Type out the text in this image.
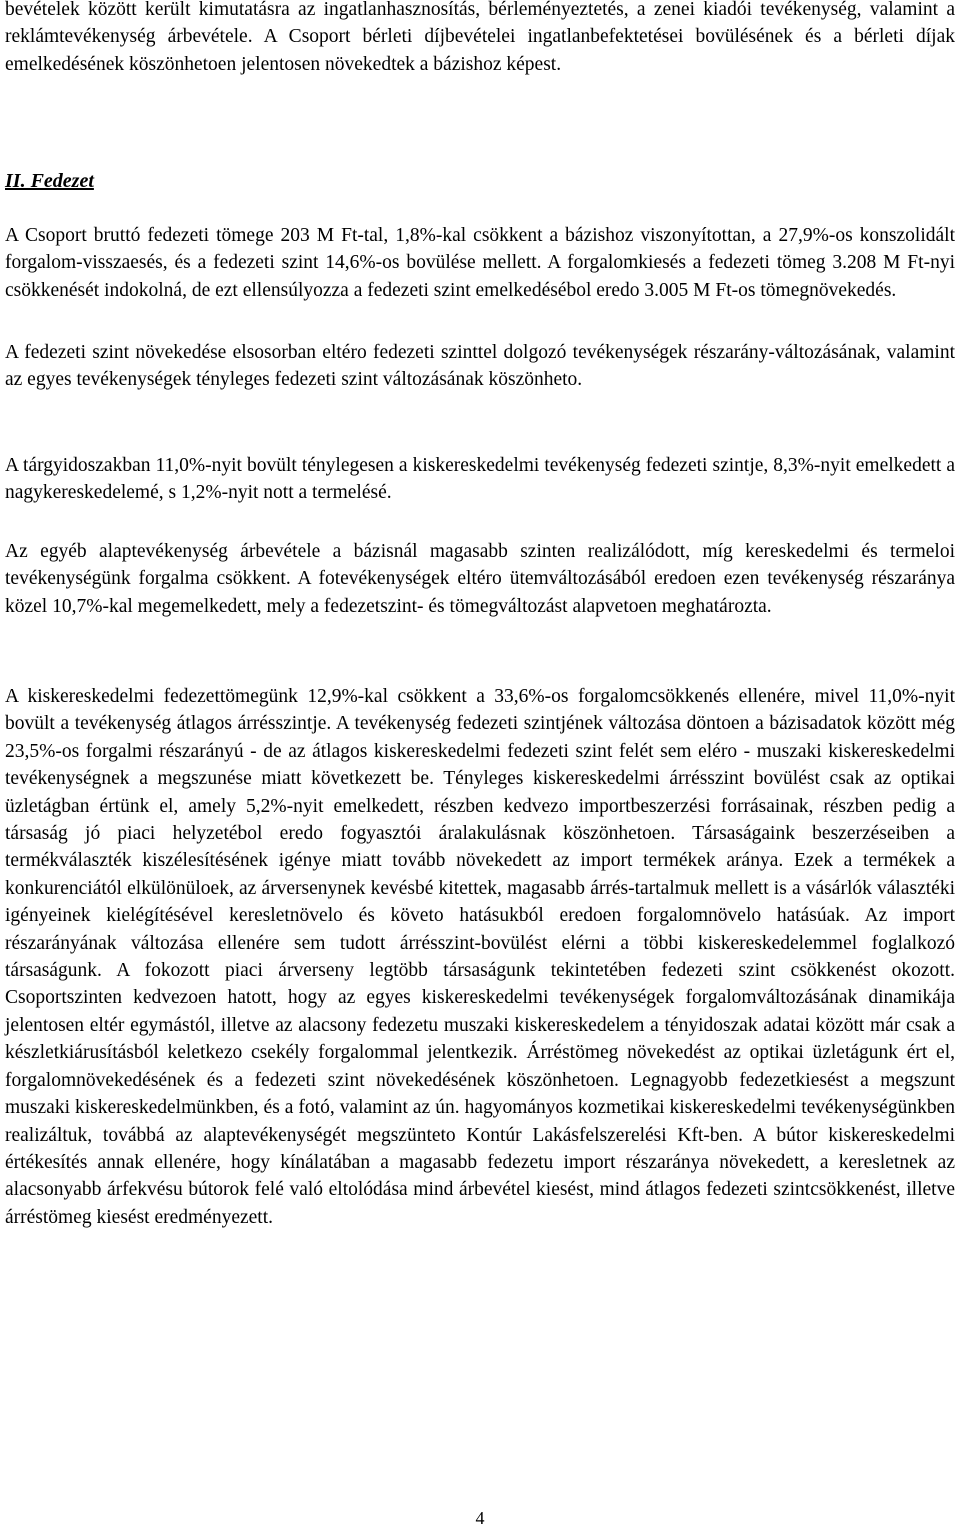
bevételek között került kimutatásra az ingatlanhasznosítás, bérleményeztetés, a zenei kiadói tevékenység, valamint a reklámtevékenység árbevétele. A Csoport bérleti díjbevételei ingatlanbefektetései bovülésének és a bérleti díjak emelkedésének köszönhetoen jelentosen növekedtek a bázishoz képest.

II. Fedezet

A Csoport bruttó fedezeti tömege 203 M Ft-tal, 1,8%-kal csökkent a bázishoz viszonyítottan, a 27,9%-os konszolidált forgalom-visszaesés, és a fedezeti szint 14,6%-os bovülése mellett. A forgalomkiesés a fedezeti tömeg 3.208 M Ft-nyi csökkenését indokolná, de ezt ellensúlyozza a fedezeti szint emelkedésébol eredo 3.005 M Ft-os tömegnövekedés.

A fedezeti szint növekedése elsosorban eltéro fedezeti szinttel dolgozó tevékenységek részarány-változásának, valamint az egyes tevékenységek tényleges fedezeti szint változásának köszönheto.

A tárgyidoszakban 11,0%-nyit bovült ténylegesen a kiskereskedelmi tevékenység fedezeti szintje, 8,3%-nyit emelkedett a nagykereskedelemé, s 1,2%-nyit nott a termelésé.

Az egyéb alaptevékenység árbevétele a bázisnál magasabb szinten realizálódott, míg kereskedelmi és termeloi tevékenységünk forgalma csökkent. A fotevékenységek eltéro ütemváltozásából eredoen ezen tevékenység részaránya közel 10,7%-kal megemelkedett, mely a fedezetszint- és tömegváltozást alapvetoen meghatározta.

A kiskereskedelmi fedezettömegünk 12,9%-kal csökkent a 33,6%-os forgalomcsökkenés ellenére, mivel 11,0%-nyit bovült a tevékenység átlagos árrésszintje. A tevékenység fedezeti szintjének változása döntoen a bázisadatok között még 23,5%-os forgalmi részarányú - de az átlagos kiskereskedelmi fedezeti szint felét sem eléro - muszaki kiskereskedelmi tevékenységnek a megszunése miatt következett be. Tényleges kiskereskedelmi árrésszint bovülést csak az optikai üzletágban értünk el, amely 5,2%-nyit emelkedett, részben kedvezo importbeszerzési forrásainak, részben pedig a társaság jó piaci helyzetébol eredo fogyasztói áralakulásnak köszönhetoen. Társaságaink beszerzéseiben a termékválaszték kiszélesítésének igénye miatt tovább növekedett az import termékek aránya. Ezek a termékek a konkurenciától elkülönüloek, az árversenynek kevésbé kitettek, magasabb árrés-tartalmuk mellett is a vásárlók választéki igényeinek kielégítésével keresletnövelo és követo hatásukból eredoen forgalomnövelo hatásúak. Az import részarányának változása ellenére sem tudott árrésszint-bovülést elérni a többi kiskereskedelemmel foglalkozó társaságunk. A fokozott piaci árverseny legtöbb társaságunk tekintetében fedezeti szint csökkenést okozott. Csoportszinten kedvezoen hatott, hogy az egyes kiskereskedelmi tevékenységek forgalomváltozásának dinamikája jelentosen eltér egymástól, illetve az alacsony fedezetu muszaki kiskereskedelem a tényidoszak adatai között már csak a készletkiárusításból keletkezo csekély forgalommal jelentkezik. Árréstömeg növekedést az optikai üzletágunk ért el, forgalomnövekedésének és a fedezeti szint növekedésének köszönhetoen. Legnagyobb fedezetkiesést a megszunt muszaki kiskereskedelmünkben, és a fotó, valamint az ún. hagyományos kozmetikai kiskereskedelmi tevékenységünkben realizáltuk, továbbá az alaptevékenységét megszünteto Kontúr Lakásfelszerelési Kft-ben. A bútor kiskereskedelmi értékesítés annak ellenére, hogy kínálatában a magasabb fedezetu import részaránya növekedett, a keresletnek az alacsonyabb árfekvésu bútorok felé való eltolódása mind árbevétel kiesést, mind átlagos fedezeti szintcsökkenést, illetve árréstömeg kiesést eredményezett.

4
